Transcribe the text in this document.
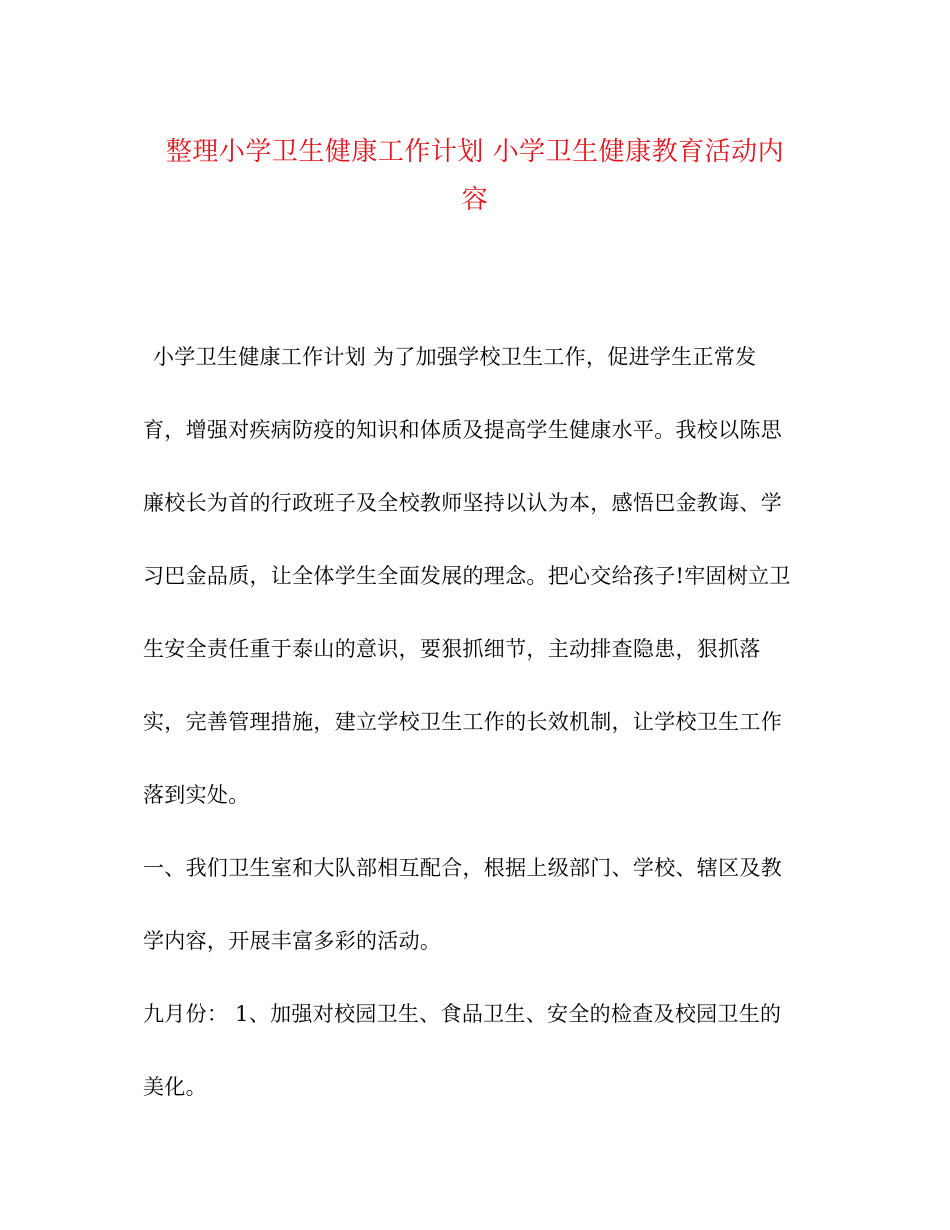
整理小学卫生健康工作计划 小学卫生健康教育活动内
容
小学卫生健康工作计划 为了加强学校卫生工作，促进学生正常发
育，增强对疾病防疫的知识和体质及提高学生健康水平。我校以陈思
廉校长为首的行政班子及全校教师坚持以认为本，感悟巴金教诲、学
习巴金品质，让全体学生全面发展的理念。把心交给孩子!牢固树立卫
生安全责任重于泰山的意识，要狠抓细节，主动排查隐患，狠抓落
实，完善管理措施，建立学校卫生工作的长效机制，让学校卫生工作
落到实处。
一、我们卫生室和大队部相互配合，根据上级部门、学校、辖区及教
学内容，开展丰富多彩的活动。
九月份： 1、加强对校园卫生、食品卫生、安全的检查及校园卫生的
美化。
